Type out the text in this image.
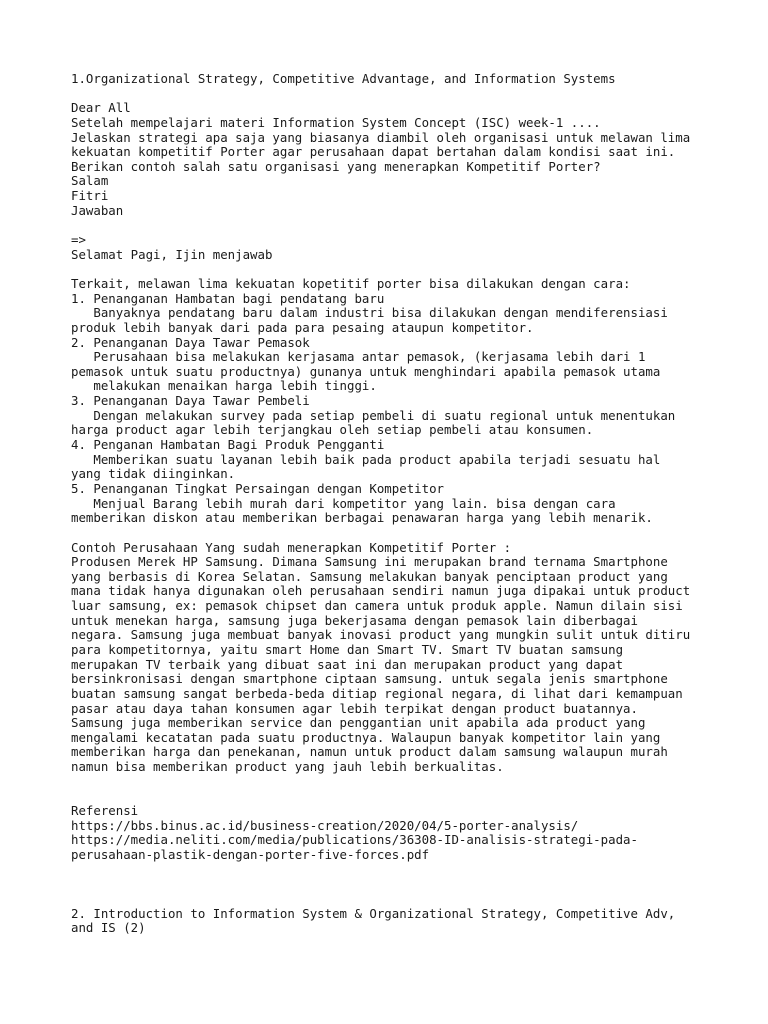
1.Organizational Strategy, Competitive Advantage, and Information Systems
Dear All
Setelah mempelajari materi Information System Concept (ISC) week-1 ....
Jelaskan strategi apa saja yang biasanya diambil oleh organisasi untuk melawan lima
kekuatan kompetitif Porter agar perusahaan dapat bertahan dalam kondisi saat ini.
Berikan contoh salah satu organisasi yang menerapkan Kompetitif Porter?
Salam
Fitri
Jawaban
=>
Selamat Pagi, Ijin menjawab
Terkait, melawan lima kekuatan kopetitif porter bisa dilakukan dengan cara:
1. Penanganan Hambatan bagi pendatang baru
Banyaknya pendatang baru dalam industri bisa dilakukan dengan mendiferensiasi
produk lebih banyak dari pada para pesaing ataupun kompetitor.
2. Penanganan Daya Tawar Pemasok
Perusahaan bisa melakukan kerjasama antar pemasok, (kerjasama lebih dari 1
pemasok untuk suatu productnya) gunanya untuk menghindari apabila pemasok utama
melakukan menaikan harga lebih tinggi.
3. Penanganan Daya Tawar Pembeli
Dengan melakukan survey pada setiap pembeli di suatu regional untuk menentukan
harga product agar lebih terjangkau oleh setiap pembeli atau konsumen.
4. Penganan Hambatan Bagi Produk Pengganti
Memberikan suatu layanan lebih baik pada product apabila terjadi sesuatu hal
yang tidak diinginkan.
5. Penanganan Tingkat Persaingan dengan Kompetitor
Menjual Barang lebih murah dari kompetitor yang lain. bisa dengan cara
memberikan diskon atau memberikan berbagai penawaran harga yang lebih menarik.
Contoh Perusahaan Yang sudah menerapkan Kompetitif Porter :
Produsen Merek HP Samsung. Dimana Samsung ini merupakan brand ternama Smartphone
yang berbasis di Korea Selatan. Samsung melakukan banyak penciptaan product yang
mana tidak hanya digunakan oleh perusahaan sendiri namun juga dipakai untuk product
luar samsung, ex: pemasok chipset dan camera untuk produk apple. Namun dilain sisi
untuk menekan harga, samsung juga bekerjasama dengan pemasok lain diberbagai
negara. Samsung juga membuat banyak inovasi product yang mungkin sulit untuk ditiru
para kompetitornya, yaitu smart Home dan Smart TV. Smart TV buatan samsung
merupakan TV terbaik yang dibuat saat ini dan merupakan product yang dapat
bersinkronisasi dengan smartphone ciptaan samsung. untuk segala jenis smartphone
buatan samsung sangat berbeda-beda ditiap regional negara, di lihat dari kemampuan
pasar atau daya tahan konsumen agar lebih terpikat dengan product buatannya.
Samsung juga memberikan service dan penggantian unit apabila ada product yang
mengalami kecatatan pada suatu productnya. Walaupun banyak kompetitor lain yang
memberikan harga dan penekanan, namun untuk product dalam samsung walaupun murah
namun bisa memberikan product yang jauh lebih berkualitas.
Referensi
https://bbs.binus.ac.id/business-creation/2020/04/5-porter-analysis/
https://media.neliti.com/media/publications/36308-ID-analisis-strategi-pada-
perusahaan-plastik-dengan-porter-five-forces.pdf
2. Introduction to Information System & Organizational Strategy, Competitive Adv,
and IS (2)
